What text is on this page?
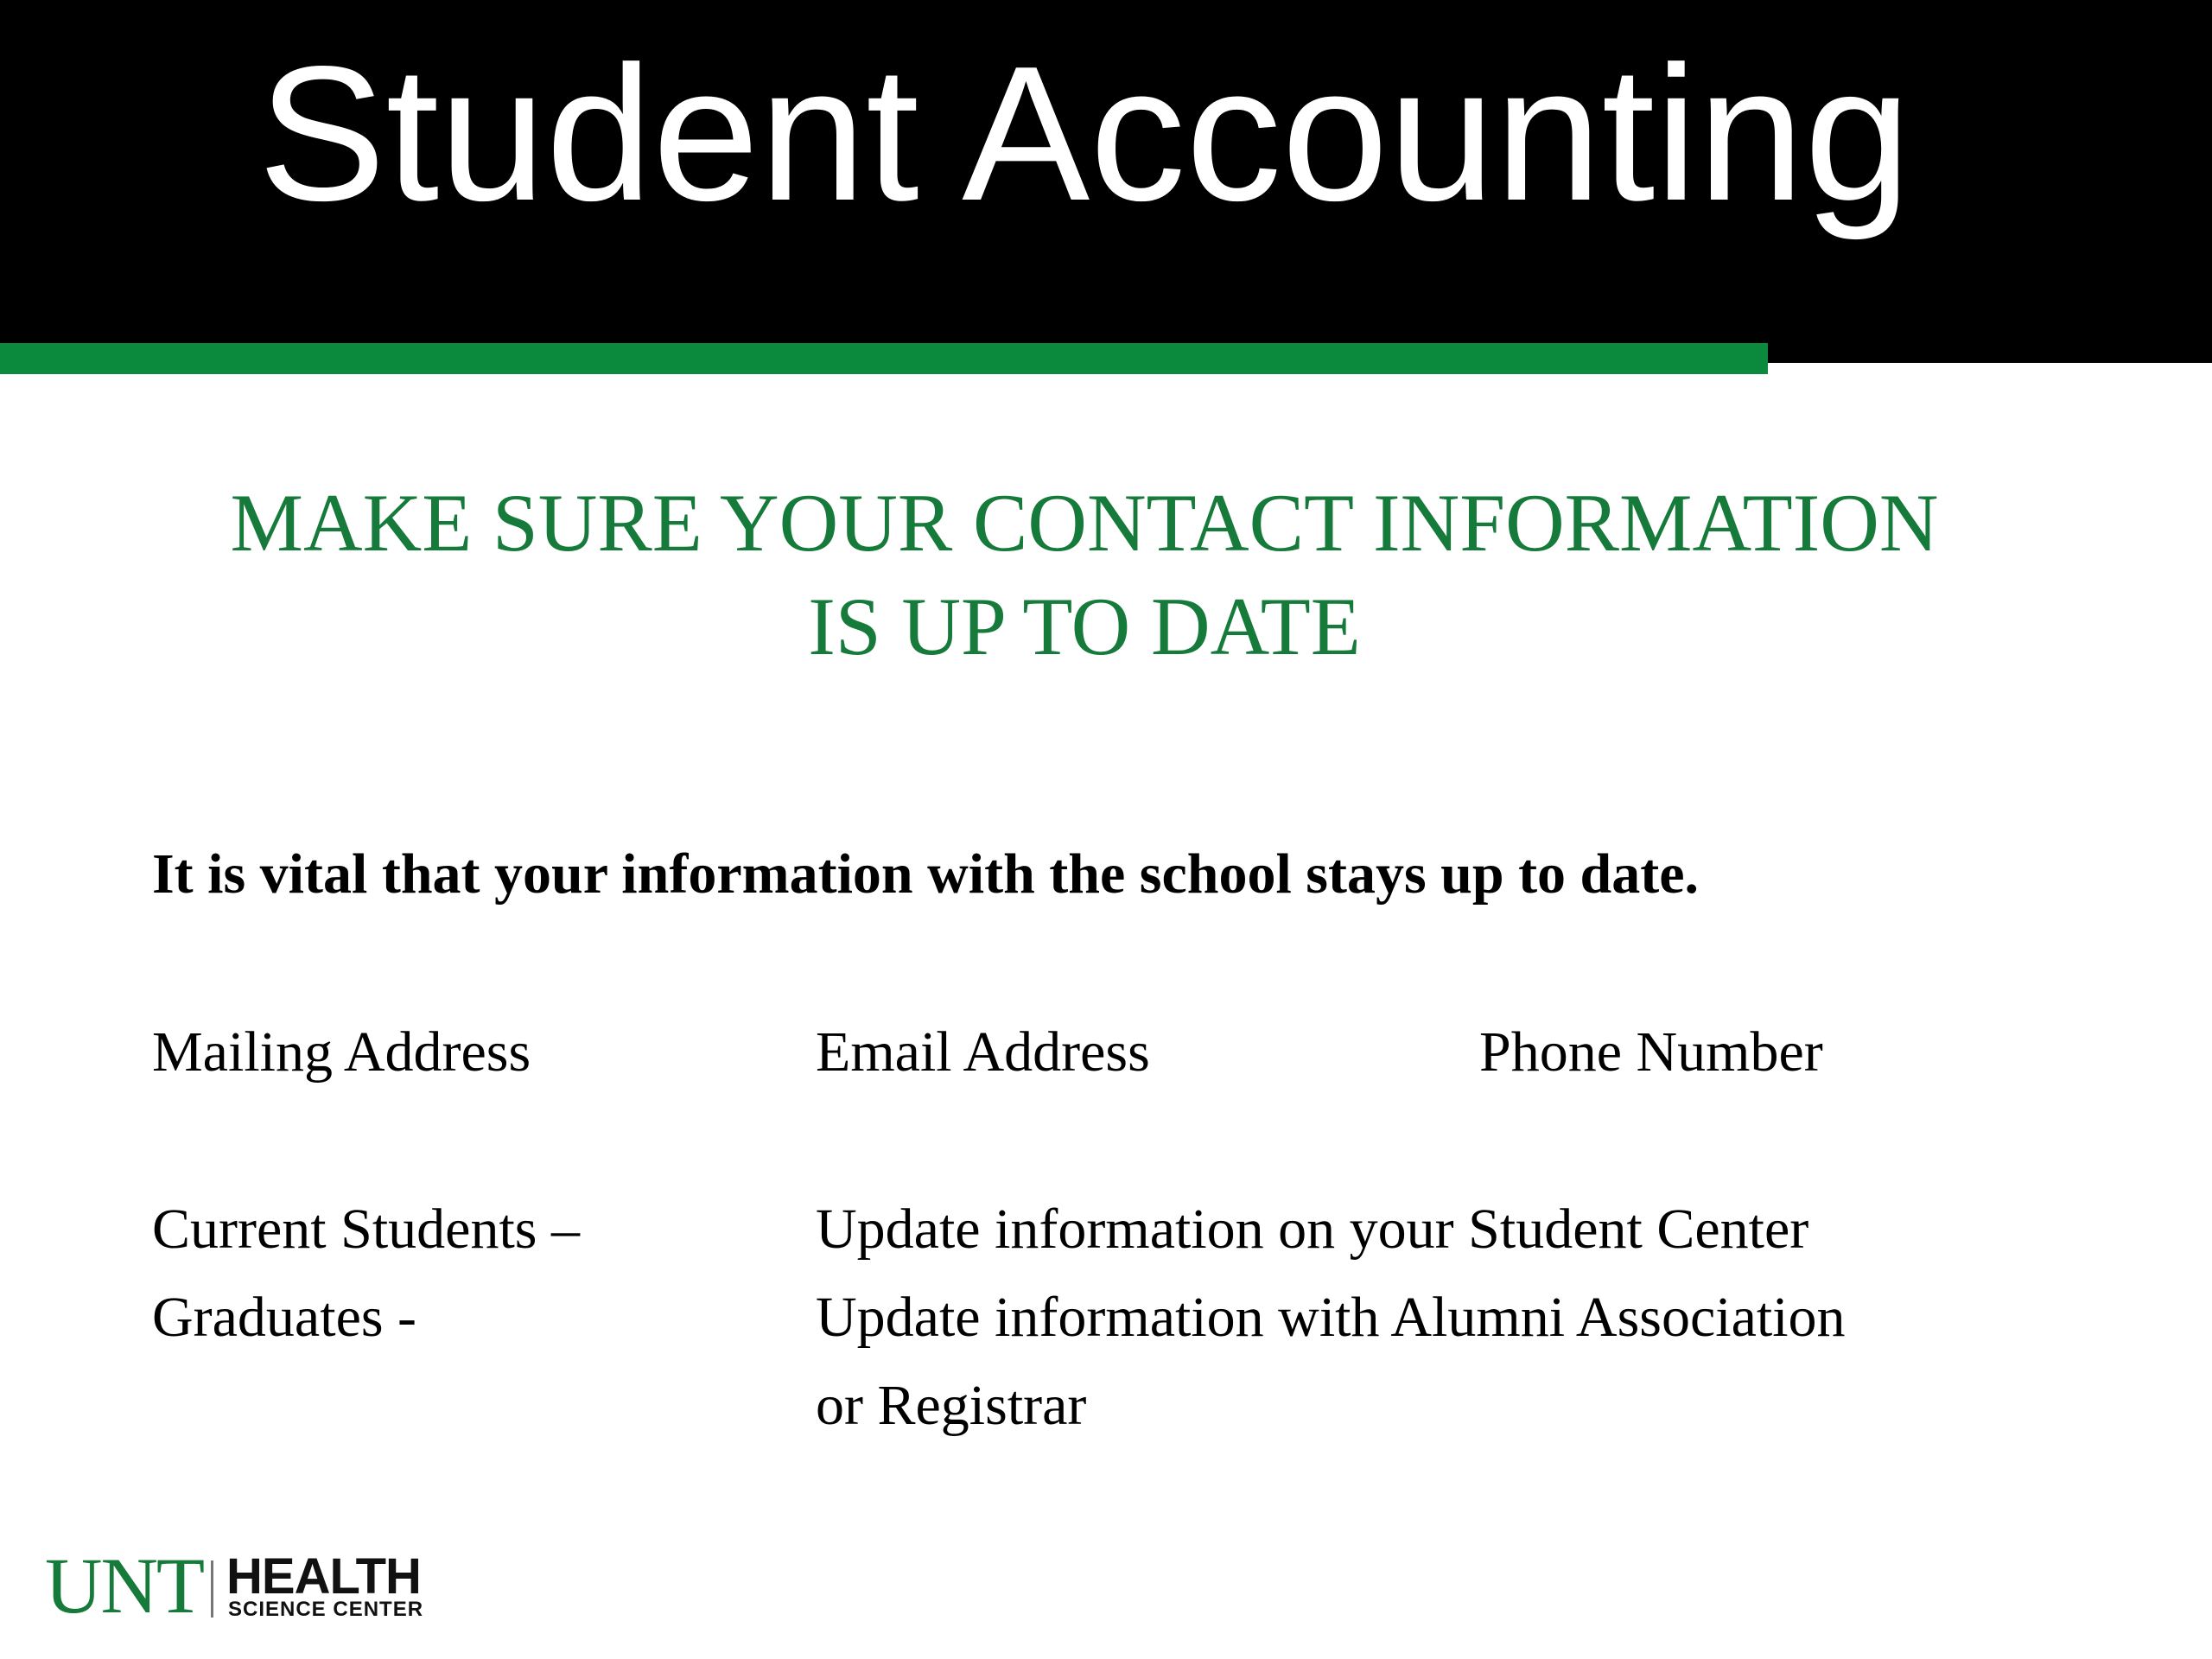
Student Accounting
MAKE SURE YOUR CONTACT INFORMATION
IS UP TO DATE
It is vital that your information with the school stays up to date.
Mailing Address	Email Address	Phone Number
Current Students –	Update information on your Student Center
Graduates -	Update information with Alumni Association
or Registrar
UNT HEALTH
SCIENCE CENTER
